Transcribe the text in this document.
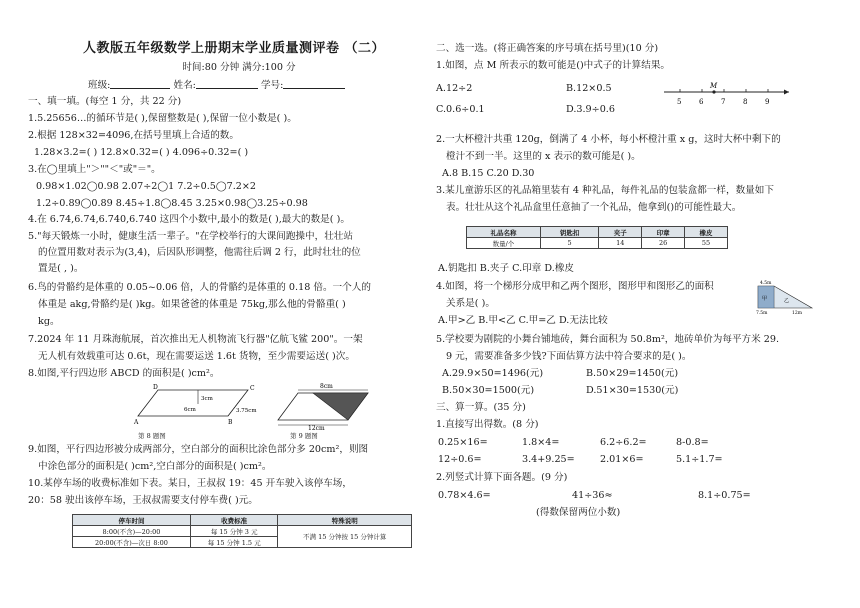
人教版五年级数学上册期末学业质量测评卷 （二）
时间:80 分钟 满分:100 分
班级:	姓名:	学号:
一、填一填。(每空 1 分，共 22 分)
1.5.25656…的循环节是( ),保留整数是( ),保留一位小数是( )。
2.根据 128×32=4096,在括号里填上合适的数。
1.28×3.2=( ) 12.8×0.32=( ) 4.096÷0.32=( )
3.在◯里填上"＞""＜"或"＝"。
0.98×1.02◯0.98 2.07÷2◯1 7.2÷0.5◯7.2×2
1.2÷0.89◯0.89 8.45÷1.8◯8.45 3.25×0.98◯3.25÷0.98
4.在 6.74,6.74,6.740,6.740 这四个小数中,最小的数是( ),最大的数是( )。
5."每天锻炼一小时，健康生活一辈子。"在学校举行的大课间跑操中，壮壮站
的位置用数对表示为(3,4)，后因队形调整，他需往后调 2 行，此时壮壮的位
置是( , )。
6.鸟的骨骼约是体重的 0.05~0.06 倍，人的骨骼约是体重的 0.18 倍。一个人的
体重是 akg,骨骼约是( )kg。如果爸爸的体重是 75kg,那么他的骨骼重( )
kg。
7.2024 年 11 月珠海航展，首次推出无人机物流飞行器"亿航飞鲨 200"。一架
无人机有效载重可达 0.6t，现在需要运送 1.6t 货物，至少需要运送( )次。
8.如图,平行四边形 ABCD 的面积是( )cm²。
A	B
C
D
3cm
6cm	3.75cm
第 8 题图
8cm
12cm
第 9 题图
9.如图，平行四边形被分成两部分，空白部分的面积比涂色部分多 20cm²，则图
中涂色部分的面积是( )cm²,空白部分的面积是( )cm²。
10.某停车场的收费标准如下表。某日，王叔叔 19：45 开车驶入该停车场，
20：58 驶出该停车场，王叔叔需要支付停车费( )元。
停车时间	收费标准	特殊说明
8:00(不含)—20:00	每 15 分钟 3 元	不满 15 分钟按 15 分钟计算
20:00(不含)—次日 8:00	每 15 分钟 1.5 元	
二、选一选。(将正确答案的序号填在括号里)(10 分)
1.如图，点 M 所表示的数可能是()中式子的计算结果。
A.12÷2	B.12×0.5
C.0.6÷0.1	D.3.9÷0.6
M
5	6	7	8	9
2.一大杯橙汁共重 120g，倒满了 4 小杯，每小杯橙汁重 x g，这时大杯中剩下的
橙汁不到一半。这里的 x 表示的数可能是( )。
A.8 B.15 C.20 D.30
3.某儿童游乐区的礼品箱里装有 4 种礼品，每件礼品的包装盒都一样，数量如下
表。壮壮从这个礼品盒里任意抽了一个礼品，他拿到()的可能性最大。
礼品名称	钥匙扣	夹子	印章	橡皮
数量/个	5	14	26	55
A.钥匙扣 B.夹子 C.印章 D.橡皮
4.如图，将一个梯形分成甲和乙两个图形，图形甲和图形乙的面积
关系是( )。
A.甲>乙 B.甲<乙 C.甲=乙 D.无法比较
4.5m
甲	乙
7.5m	12m
5.学校要为剧院的小舞台铺地砖，舞台面积为 50.8m²，地砖单价为每平方米 29.
9 元，需要准备多少钱?下面估算方法中符合要求的是( )。
A.29.9×50=1496(元)	B.50×29=1450(元)
B.50×30=1500(元)	D.51×30=1530(元)
三、算一算。(35 分)
1.直接写出得数。(8 分)
0.25×16=	1.8×4=	6.2÷6.2=	8-0.8=
12÷0.6=	3.4+9.25=	2.01×6=	5.1÷1.7=
2.列竖式计算下面各题。(9 分)
0.78×4.6=	41÷36≈	8.1÷0.75=
(得数保留两位小数)
